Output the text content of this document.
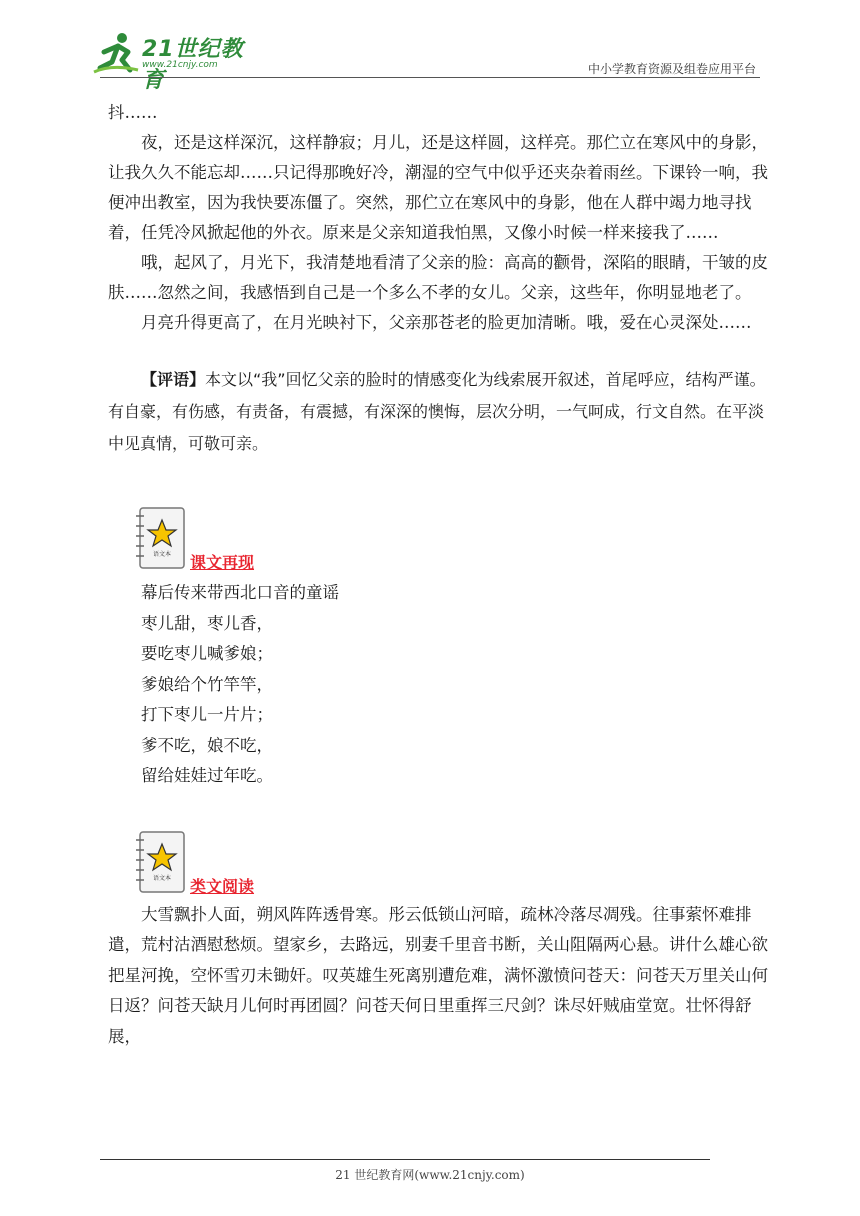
21世纪教育
www.21cnjy.com	中小学教育资源及组卷应用平台

抖……

夜，还是这样深沉，这样静寂；月儿，还是这样圆，这样亮。那伫立在寒风中的身影，让我久久不能忘却……只记得那晚好冷，潮湿的空气中似乎还夹杂着雨丝。下课铃一响，我便冲出教室，因为我快要冻僵了。突然，那伫立在寒风中的身影，他在人群中竭力地寻找着，任凭冷风掀起他的外衣。原来是父亲知道我怕黑，又像小时候一样来接我了……

哦，起风了，月光下，我清楚地看清了父亲的脸：高高的颧骨，深陷的眼睛，干皱的皮肤……忽然之间，我感悟到自己是一个多么不孝的女儿。父亲，这些年，你明显地老了。

月亮升得更高了，在月光映衬下，父亲那苍老的脸更加清晰。哦，爱在心灵深处……

【评语】本文以“我”回忆父亲的脸时的情感变化为线索展开叙述，首尾呼应，结构严谨。有自豪，有伤感，有责备，有震撼，有深深的懊悔，层次分明，一气呵成，行文自然。在平淡中见真情，可敬可亲。

语文本 课文再现

幕后传来带西北口音的童谣

枣儿甜，枣儿香，

要吃枣儿喊爹娘；

爹娘给个竹竿竿，

打下枣儿一片片；

爹不吃，娘不吃，

留给娃娃过年吃。

语文本 类文阅读

大雪飘扑人面，朔风阵阵透骨寒。彤云低锁山河暗，疏林冷落尽凋残。往事萦怀难排遣，荒村沽酒慰愁烦。望家乡，去路远，别妻千里音书断，关山阻隔两心悬。讲什么雄心欲把星河挽，空怀雪刃未锄奸。叹英雄生死离别遭危难，满怀激愤问苍天：问苍天万里关山何日返？问苍天缺月儿何时再团圆？问苍天何日里重挥三尺剑？诛尽奸贼庙堂宽。壮怀得舒展，

21 世纪教育网(www.21cnjy.com)
